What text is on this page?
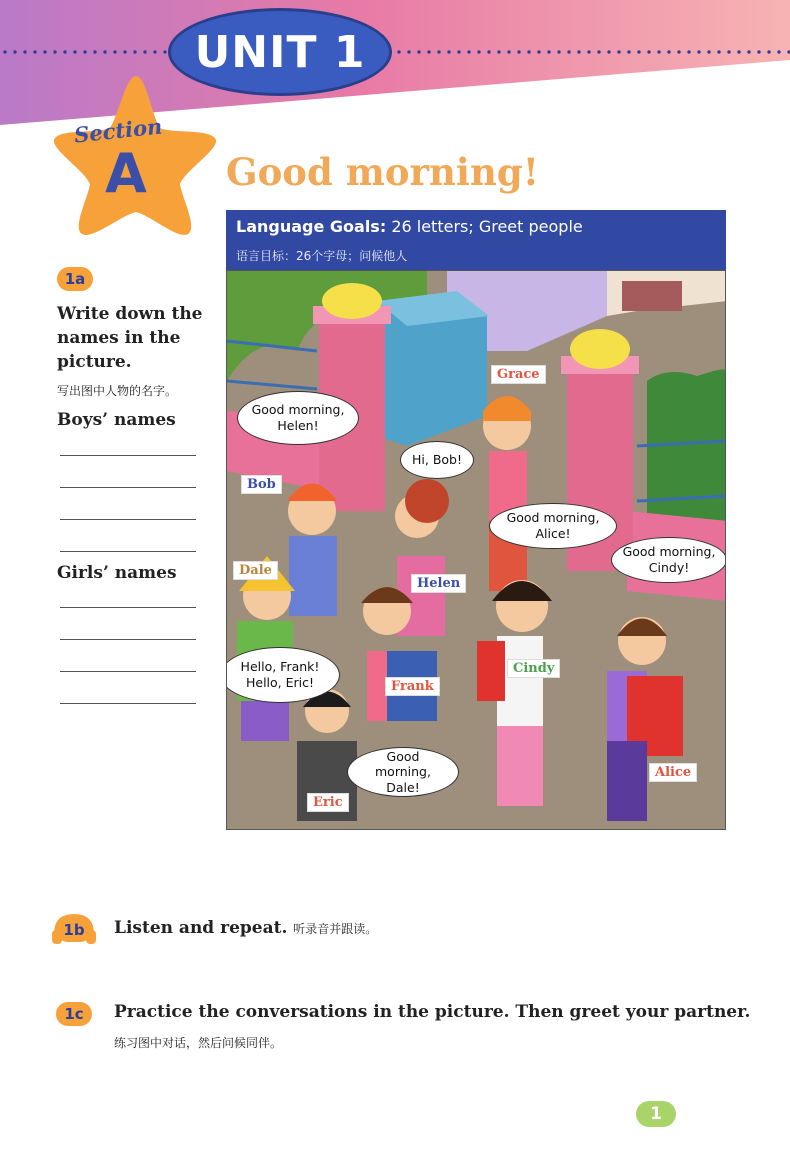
UNIT 1
Section
A Good morning!
Language Goals: 26 letters; Greet people
语言目标：26个字母；问候他人
Good morning, Helen!
Hi, Bob!
Good morning, Alice!
Good morning, Cindy!
Hello, Frank! Hello, Eric!
Good morning, Dale!
Grace
Bob
Dale
Helen
Cindy
Frank
Alice
Eric
1a
Write down the names in the picture.
写出图中人物的名字。
Boys’ names
Girls’ names
1b	Listen and repeat. 听录音并跟读。
1c	Practice the conversations in the picture. Then greet your partner.
练习图中对话，然后问候同伴。
1
